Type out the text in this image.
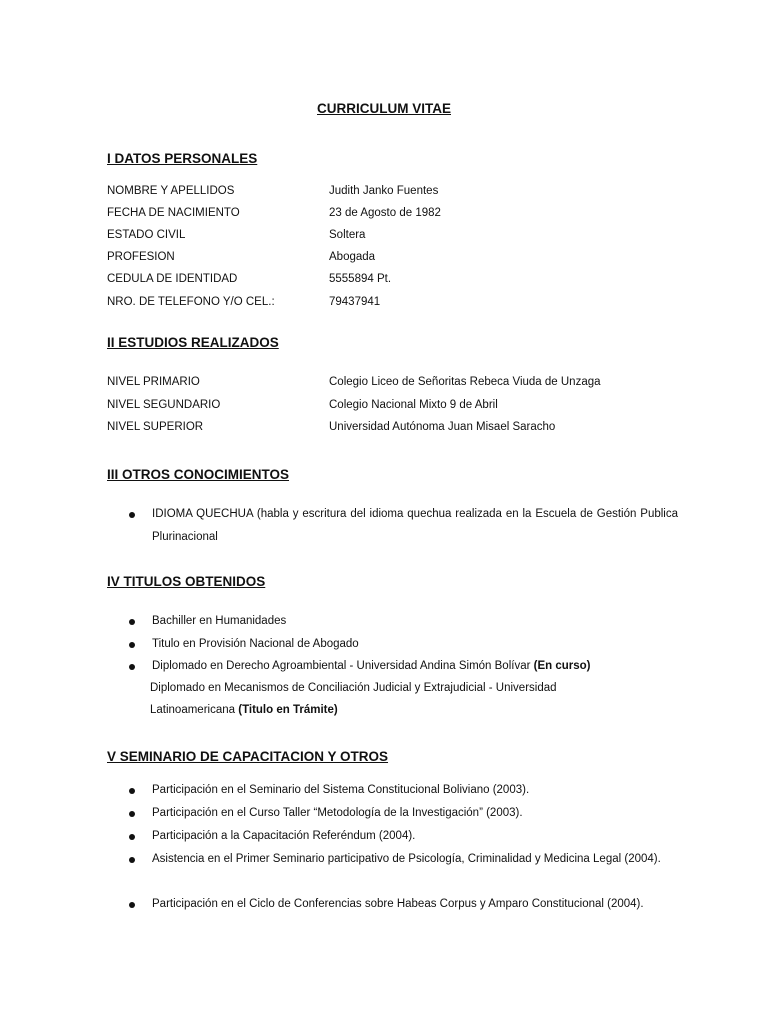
CURRICULUM VITAE
I DATOS PERSONALES
NOMBRE Y APELLIDOS	Judith Janko Fuentes
FECHA DE NACIMIENTO	23 de Agosto de 1982
ESTADO CIVIL	Soltera
PROFESION	Abogada
CEDULA DE IDENTIDAD	5555894 Pt.
NRO. DE TELEFONO Y/O CEL.:	79437941
II ESTUDIOS REALIZADOS
NIVEL PRIMARIO	Colegio Liceo de Señoritas Rebeca Viuda de Unzaga
NIVEL SEGUNDARIO	Colegio Nacional Mixto 9 de Abril
NIVEL SUPERIOR	Universidad Autónoma Juan Misael Saracho
III OTROS CONOCIMIENTOS
IDIOMA QUECHUA (habla y escritura del idioma quechua realizada en la Escuela de Gestión Publica Plurinacional
IV TITULOS OBTENIDOS
Bachiller en Humanidades
Titulo en Provisión Nacional de Abogado
Diplomado en Derecho Agroambiental - Universidad Andina Simón Bolívar (En curso)
Diplomado en Mecanismos de Conciliación Judicial y Extrajudicial - Universidad
Latinoamericana (Titulo en Trámite)
V SEMINARIO DE CAPACITACION Y OTROS
Participación en el Seminario del Sistema Constitucional Boliviano (2003).
Participación en el Curso Taller “Metodología de la Investigación” (2003).
Participación a la Capacitación Referéndum (2004).
Asistencia en el Primer Seminario participativo de Psicología, Criminalidad y Medicina Legal (2004).
Participación en el Ciclo de Conferencias sobre Habeas Corpus y Amparo Constitucional (2004).
